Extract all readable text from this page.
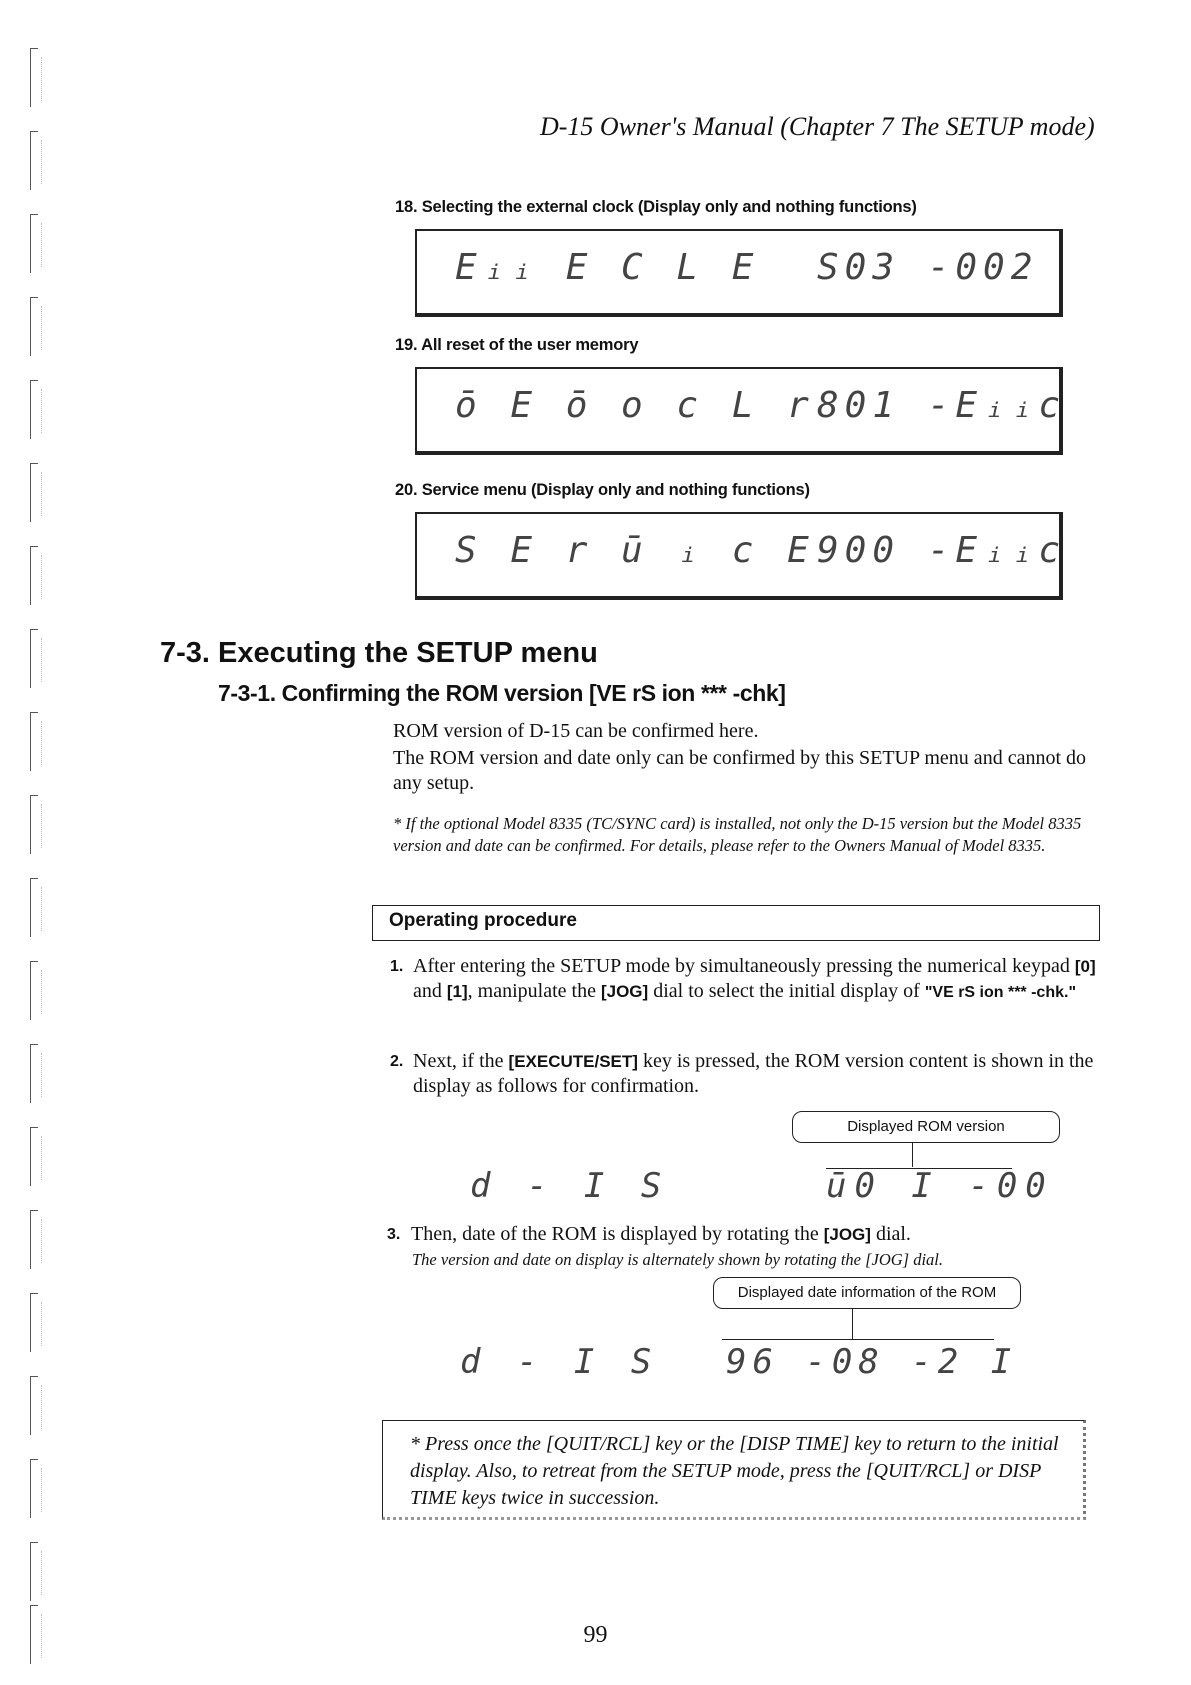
D-15 Owner's Manual (Chapter 7 The SETUP mode)
18. Selecting the external clock (Display only and nothing functions)
Eᵢᵢ E C L E S03 -002
19. All reset of the user memory
ō E ō o c L r 801 -Eᵢᵢc
20. Service menu (Display only and nothing functions)
S E r ū ᵢ c E 900 -Eᵢᵢc
7-3. Executing the SETUP menu
7-3-1. Confirming the ROM version [VE rS ion *** -chk]
ROM version of D-15 can be confirmed here.
The ROM version and date only can be confirmed by this SETUP menu and cannot do any setup.
* If the optional Model 8335 (TC/SYNC card) is installed, not only the D-15 version but the Model 8335 version and date can be confirmed. For details, please refer to the Owners Manual of Model 8335.
Operating procedure
1. After entering the SETUP mode by simultaneously pressing the numerical keypad [0] and [1], manipulate the [JOG] dial to select the initial display of "VE rS ion *** -chk."
2. Next, if the [EXECUTE/SET] key is pressed, the ROM version content is shown in the display as follows for confirmation.
Displayed ROM version
d - I S	ū0 I -00
3. Then, date of the ROM is displayed by rotating the [JOG] dial.
The version and date on display is alternately shown by rotating the [JOG] dial.
Displayed date information of the ROM
d - I S 96 -08 -2 I
* Press once the [QUIT/RCL] key or the [DISP TIME] key to return to the initial display. Also, to retreat from the SETUP mode, press the [QUIT/RCL] or DISP TIME keys twice in succession.
99
